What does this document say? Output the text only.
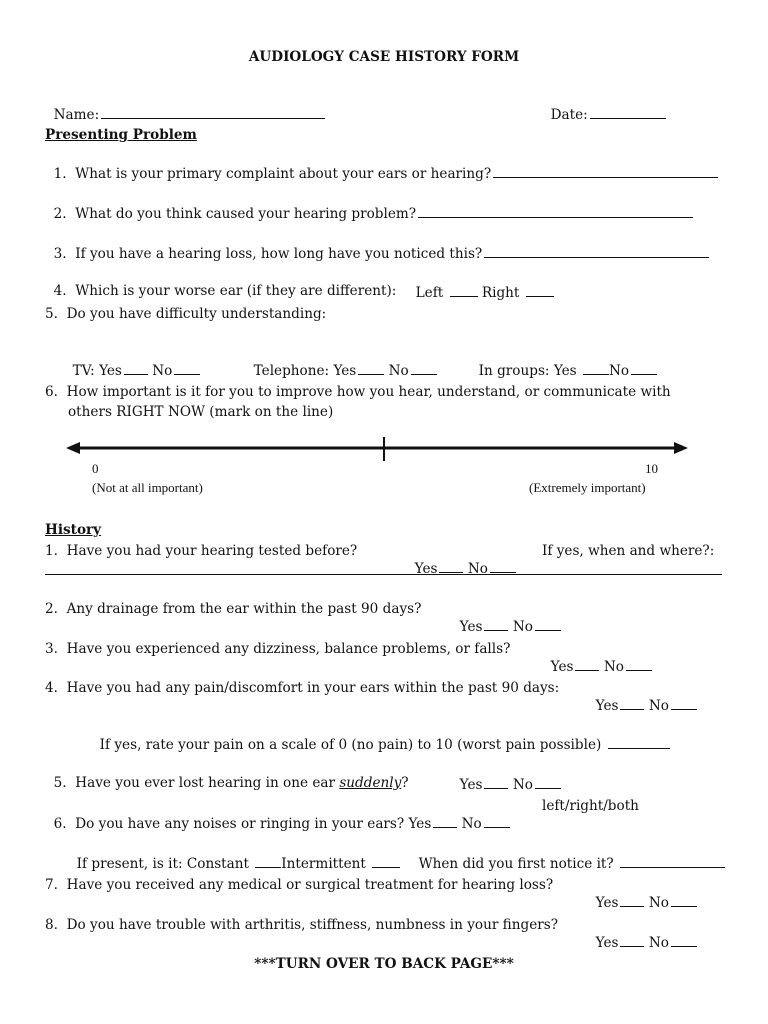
AUDIOLOGY CASE HISTORY FORM

Name:	Date:

Presenting Problem

1.  What is your primary complaint about your ears or hearing?

2.  What do you think caused your hearing problem?

3.  If you have a hearing loss, how long have you noticed this?

4.  Which is your worse ear (if they are different):	Left	Right

5.  Do you have difficulty understanding:

TV: Yes No	Telephone: Yes No	In groups: Yes No

6.  How important is it for you to improve how you hear, understand, or communicate with
others RIGHT NOW (mark on the line)
0	10
(Not at all important)	(Extremely important)
History
1.  Have you had your hearing tested before?

Yes No

If yes, when and where?:
2.  Any drainage from the ear within the past 90 days?

Yes No

3.  Have you experienced any dizziness, balance problems, or falls?

Yes No

4.  Have you had any pain/discomfort in your ears within the past 90 days:

Yes No

If yes, rate your pain on a scale of 0 (no pain) to 10 (worst pain possible)

5.  Have you ever lost hearing in one ear suddenly?	Yes No

6.  Do you have any noises or ringing in your ears? Yes No

left/right/both

If present, is it: Constant Intermittent	When did you first notice it?

7.  Have you received any medical or surgical treatment for hearing loss?

Yes No

8.  Do you have trouble with arthritis, stiffness, numbness in your fingers?

Yes No

***TURN OVER TO BACK PAGE***
